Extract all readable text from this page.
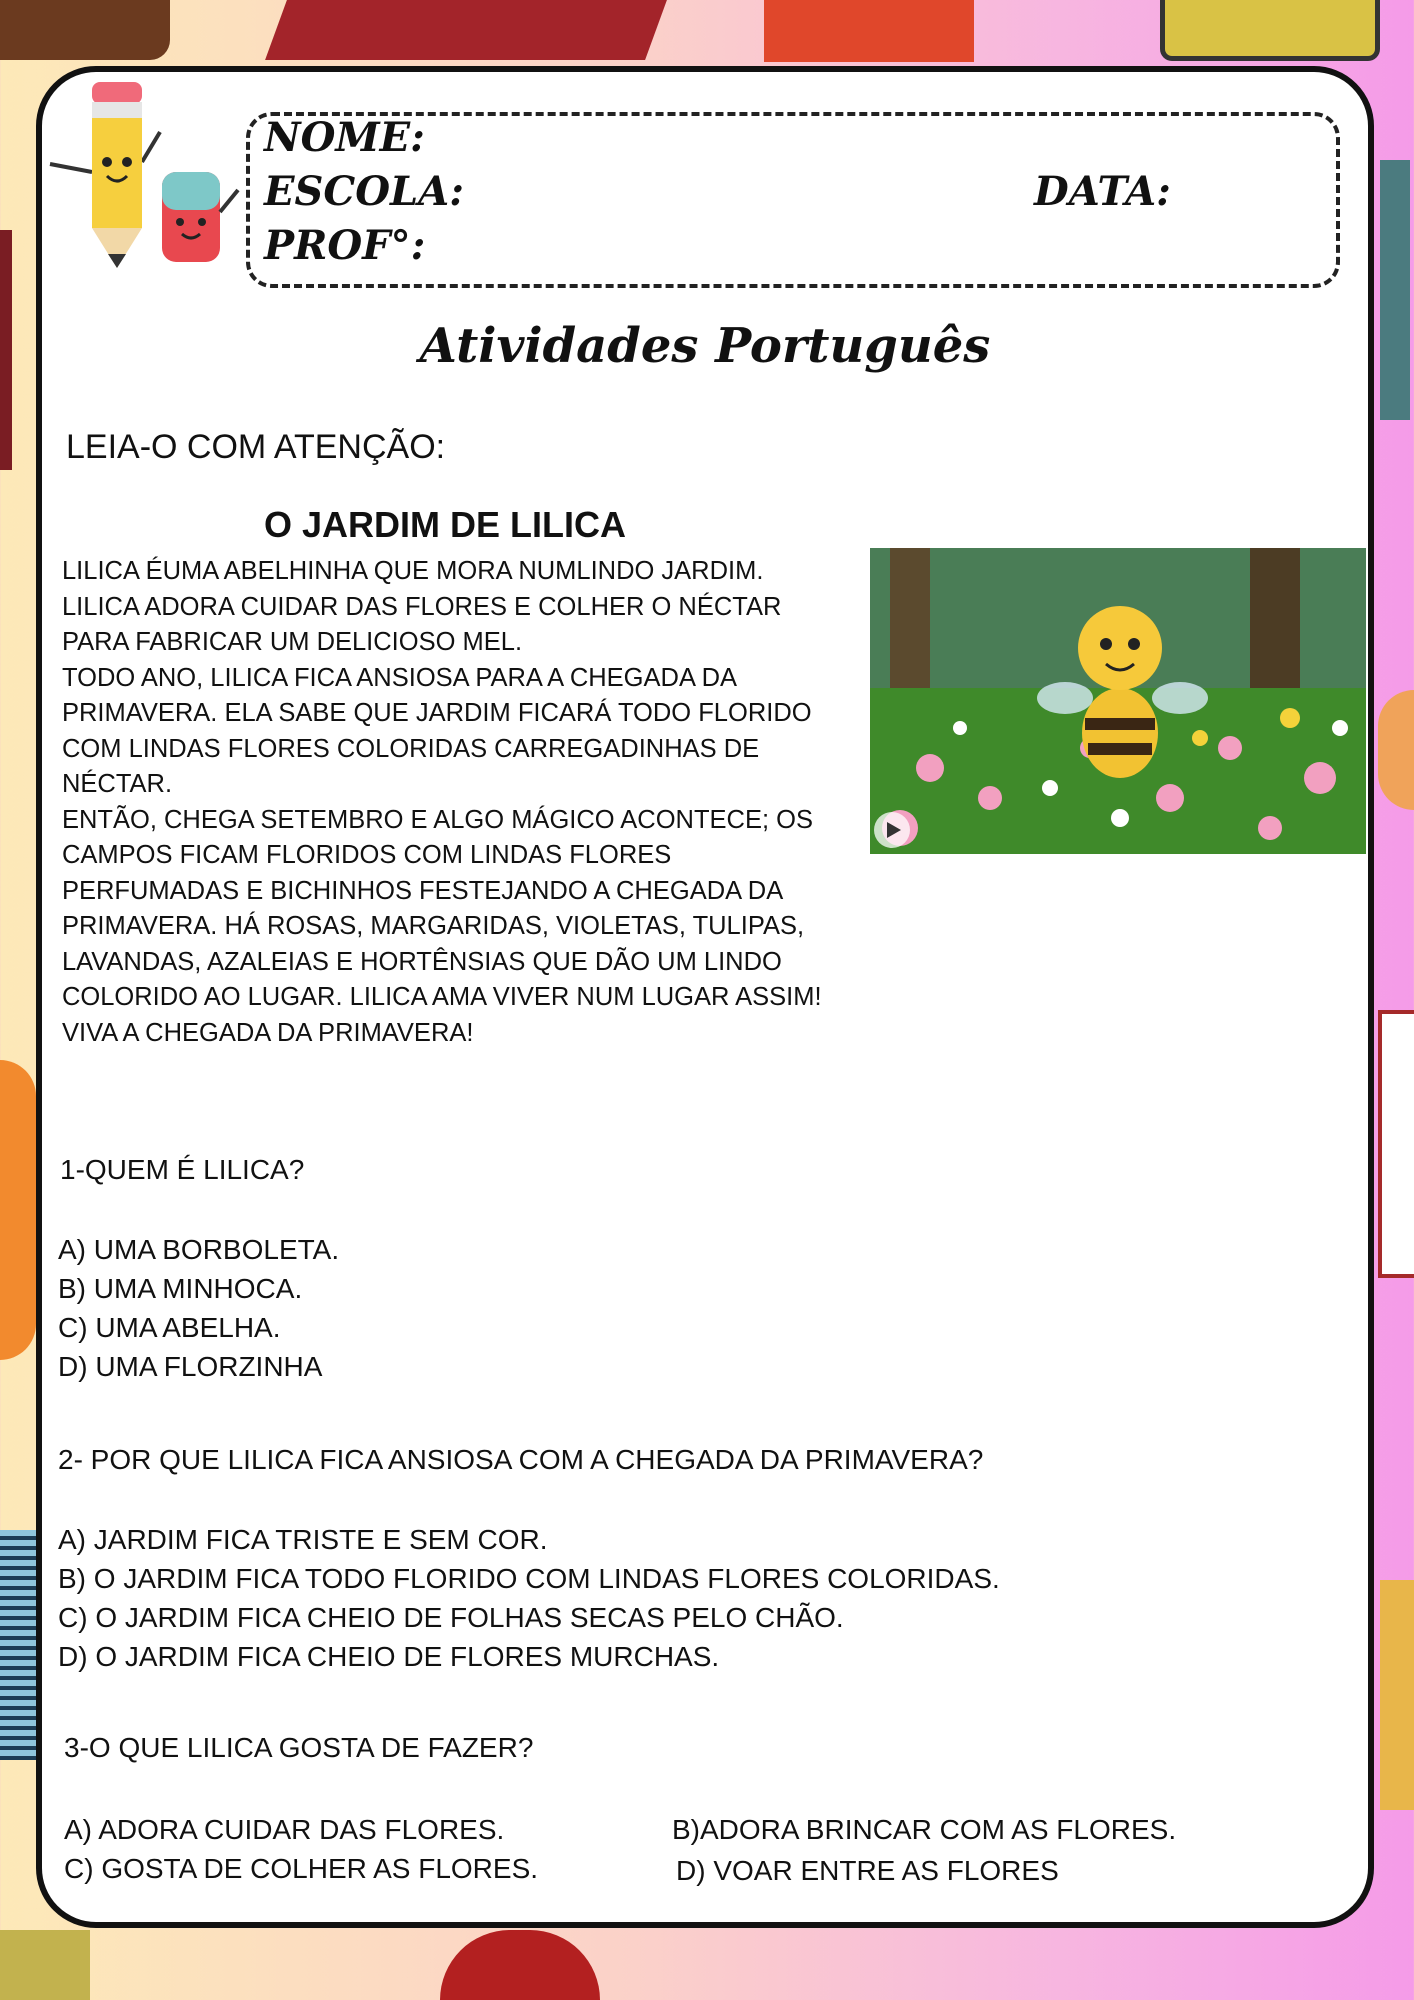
NOME:
ESCOLA:	DATA:
PROF°:
Atividades Português
LEIA-O COM ATENÇÃO:
O JARDIM DE LILICA

LILICA ÉUMA ABELHINHA QUE MORA NUMLINDO JARDIM. LILICA ADORA CUIDAR DAS FLORES E COLHER O NÉCTAR PARA FABRICAR UM DELICIOSO MEL.

TODO ANO, LILICA FICA ANSIOSA PARA A CHEGADA DA PRIMAVERA. ELA SABE QUE JARDIM FICARÁ TODO FLORIDO COM LINDAS FLORES COLORIDAS CARREGADINHAS DE NÉCTAR.

ENTÃO, CHEGA SETEMBRO E ALGO MÁGICO ACONTECE; OS CAMPOS FICAM FLORIDOS COM LINDAS FLORES PERFUMADAS E BICHINHOS FESTEJANDO A CHEGADA DA PRIMAVERA. HÁ ROSAS, MARGARIDAS, VIOLETAS, TULIPAS, LAVANDAS, AZALEIAS E HORTÊNSIAS QUE DÃO UM LINDO COLORIDO AO LUGAR. LILICA AMA VIVER NUM LUGAR ASSIM!

VIVA A CHEGADA DA PRIMAVERA!

1-QUEM É LILICA?
A) UMA BORBOLETA.
B) UMA MINHOCA.
C) UMA ABELHA.
D) UMA FLORZINHA
2- POR QUE LILICA FICA ANSIOSA COM A CHEGADA DA PRIMAVERA?
A) JARDIM FICA TRISTE E SEM COR.
B) O JARDIM FICA TODO FLORIDO COM LINDAS FLORES COLORIDAS.
C) O JARDIM FICA CHEIO DE FOLHAS SECAS PELO CHÃO.
D) O JARDIM FICA CHEIO DE FLORES MURCHAS.
3-O QUE LILICA GOSTA DE FAZER?
A) ADORA CUIDAR DAS FLORES.	B)ADORA BRINCAR COM AS FLORES.
C) GOSTA DE COLHER AS FLORES.	D) VOAR ENTRE AS FLORES
